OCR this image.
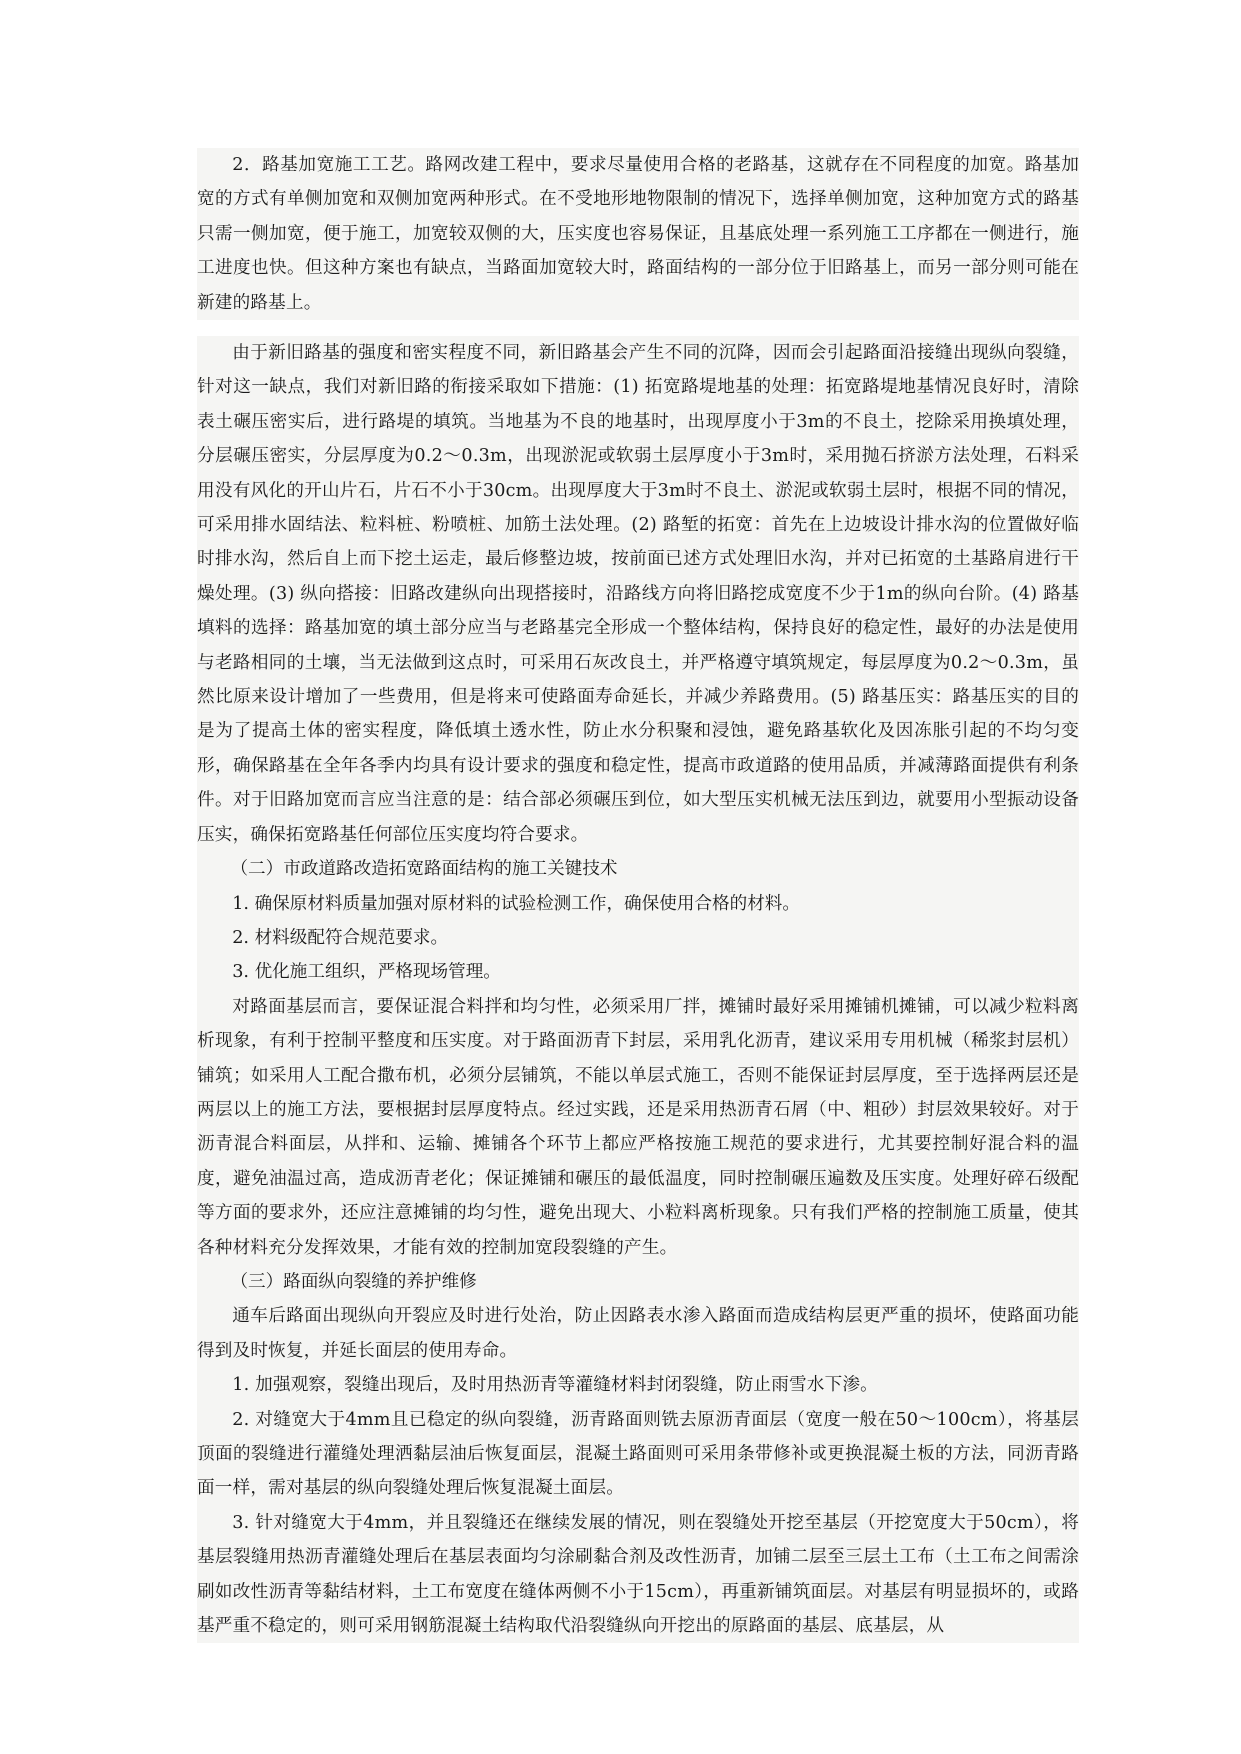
2．路基加宽施工工艺。路网改建工程中，要求尽量使用合格的老路基，这就存在不同程度的加宽。路基加宽的方式有单侧加宽和双侧加宽两种形式。在不受地形地物限制的情况下，选择单侧加宽，这种加宽方式的路基只需一侧加宽，便于施工，加宽较双侧的大，压实度也容易保证，且基底处理一系列施工工序都在一侧进行，施工进度也快。但这种方案也有缺点，当路面加宽较大时，路面结构的一部分位于旧路基上，而另一部分则可能在新建的路基上。

由于新旧路基的强度和密实程度不同，新旧路基会产生不同的沉降，因而会引起路面沿接缝出现纵向裂缝，针对这一缺点，我们对新旧路的衔接采取如下措施：(1) 拓宽路堤地基的处理：拓宽路堤地基情况良好时，清除表土碾压密实后，进行路堤的填筑。当地基为不良的地基时，出现厚度小于3m的不良土，挖除采用换填处理，分层碾压密实，分层厚度为0.2～0.3m，出现淤泥或软弱土层厚度小于3m时，采用抛石挤淤方法处理，石料采用没有风化的开山片石，片石不小于30cm。出现厚度大于3m时不良土、淤泥或软弱土层时，根据不同的情况，可采用排水固结法、粒料桩、粉喷桩、加筋土法处理。(2) 路堑的拓宽：首先在上边坡设计排水沟的位置做好临时排水沟，然后自上而下挖土运走，最后修整边坡，按前面已述方式处理旧水沟，并对已拓宽的土基路肩进行干燥处理。(3) 纵向搭接：旧路改建纵向出现搭接时，沿路线方向将旧路挖成宽度不少于1m的纵向台阶。(4) 路基填料的选择：路基加宽的填土部分应当与老路基完全形成一个整体结构，保持良好的稳定性，最好的办法是使用与老路相同的土壤，当无法做到这点时，可采用石灰改良土，并严格遵守填筑规定，每层厚度为0.2～0.3m，虽然比原来设计增加了一些费用，但是将来可使路面寿命延长，并减少养路费用。(5) 路基压实：路基压实的目的是为了提高土体的密实程度，降低填土透水性，防止水分积聚和浸蚀，避免路基软化及因冻胀引起的不均匀变形，确保路基在全年各季内均具有设计要求的强度和稳定性，提高市政道路的使用品质，并减薄路面提供有利条件。对于旧路加宽而言应当注意的是：结合部必须碾压到位，如大型压实机械无法压到边，就要用小型振动设备压实，确保拓宽路基任何部位压实度均符合要求。

（二）市政道路改造拓宽路面结构的施工关键技术

1. 确保原材料质量加强对原材料的试验检测工作，确保使用合格的材料。

2. 材料级配符合规范要求。

3. 优化施工组织，严格现场管理。

对路面基层而言，要保证混合料拌和均匀性，必须采用厂拌，摊铺时最好采用摊铺机摊铺，可以减少粒料离析现象，有利于控制平整度和压实度。对于路面沥青下封层，采用乳化沥青，建议采用专用机械（稀浆封层机）铺筑；如采用人工配合撒布机，必须分层铺筑，不能以单层式施工，否则不能保证封层厚度，至于选择两层还是两层以上的施工方法，要根据封层厚度特点。经过实践，还是采用热沥青石屑（中、粗砂）封层效果较好。对于沥青混合料面层，从拌和、运输、摊铺各个环节上都应严格按施工规范的要求进行，尤其要控制好混合料的温度，避免油温过高，造成沥青老化；保证摊铺和碾压的最低温度，同时控制碾压遍数及压实度。处理好碎石级配等方面的要求外，还应注意摊铺的均匀性，避免出现大、小粒料离析现象。只有我们严格的控制施工质量，使其各种材料充分发挥效果，才能有效的控制加宽段裂缝的产生。

（三）路面纵向裂缝的养护维修

通车后路面出现纵向开裂应及时进行处治，防止因路表水渗入路面而造成结构层更严重的损坏，使路面功能得到及时恢复，并延长面层的使用寿命。

1. 加强观察，裂缝出现后，及时用热沥青等灌缝材料封闭裂缝，防止雨雪水下渗。

2. 对缝宽大于4mm且已稳定的纵向裂缝，沥青路面则铣去原沥青面层（宽度一般在50～100cm），将基层顶面的裂缝进行灌缝处理洒黏层油后恢复面层，混凝土路面则可采用条带修补或更换混凝土板的方法，同沥青路面一样，需对基层的纵向裂缝处理后恢复混凝土面层。

3. 针对缝宽大于4mm，并且裂缝还在继续发展的情况，则在裂缝处开挖至基层（开挖宽度大于50cm），将基层裂缝用热沥青灌缝处理后在基层表面均匀涂刷黏合剂及改性沥青，加铺二层至三层土工布（土工布之间需涂刷如改性沥青等黏结材料，土工布宽度在缝体两侧不小于15cm），再重新铺筑面层。对基层有明显损坏的，或路基严重不稳定的，则可采用钢筋混凝土结构取代沿裂缝纵向开挖出的原路面的基层、底基层，从
